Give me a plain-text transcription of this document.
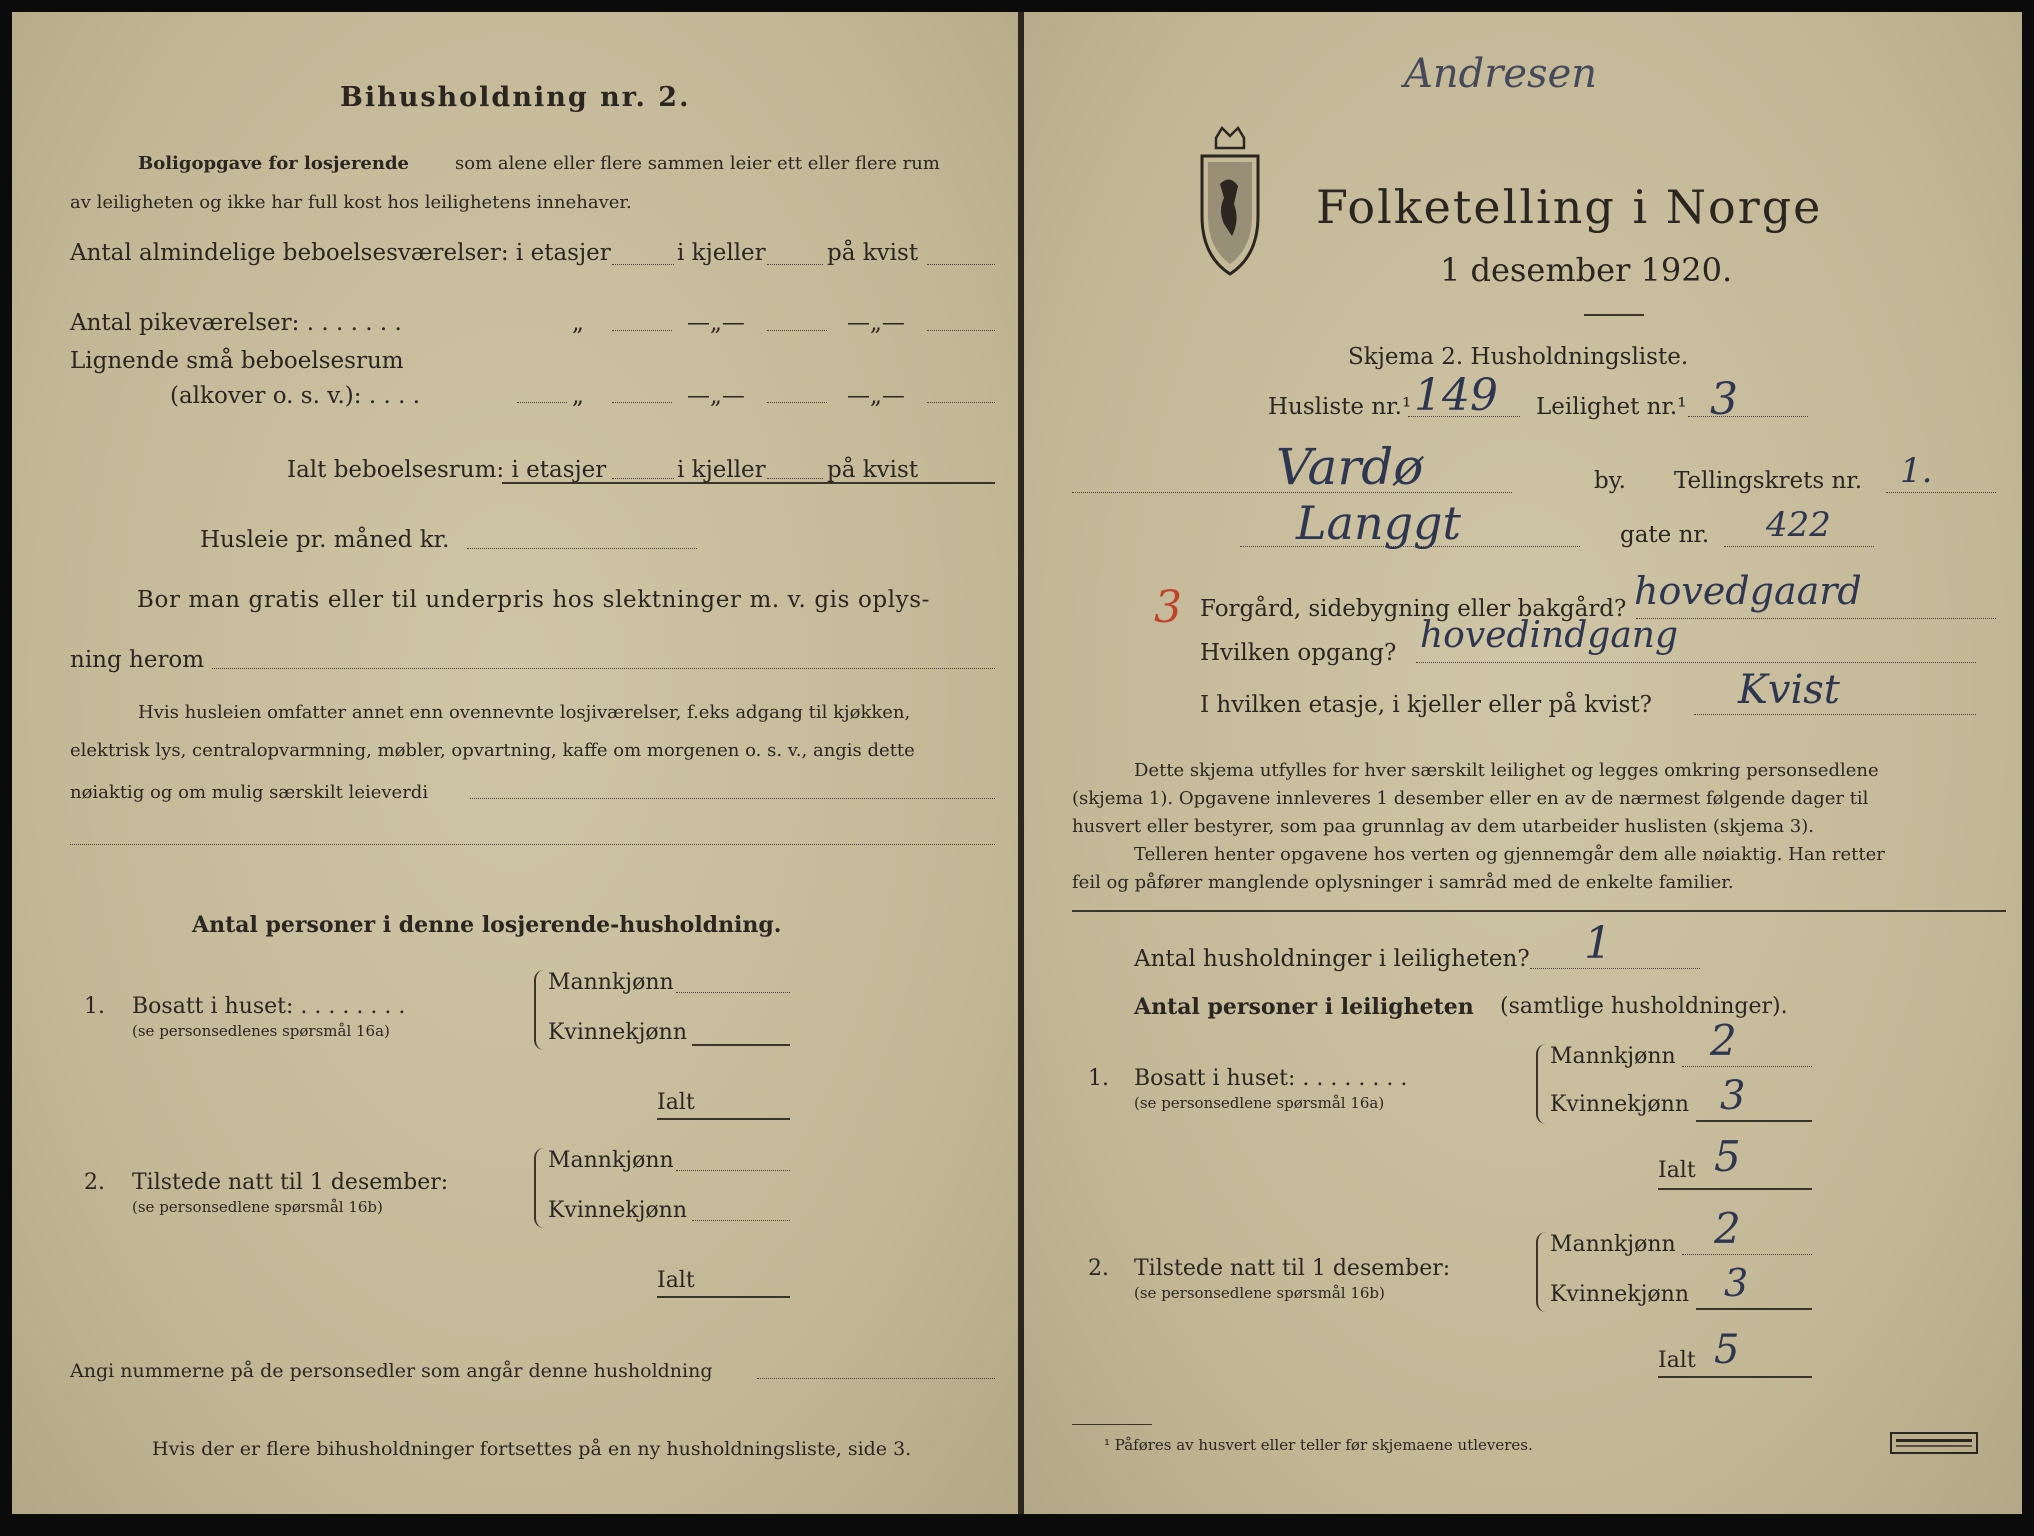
Bihusholdning nr. 2.
Boligopgave for losjerende	som alene eller flere sammen leier ett eller flere rum
av leiligheten og ikke har full kost hos leilighetens innehaver.
Antal almindelige beboelsesværelser: i etasjer	i kjeller	på kvist
Antal pikeværelser: . . . . . . .	„	—„—	—„—
Lignende små beboelsesrum
(alkover o. s. v.): . . . .	„	—„—	—„—
Ialt beboelsesrum: i etasjer	i kjeller	på kvist
Husleie pr. måned kr.
Bor man gratis eller til underpris hos slektninger m. v. gis oplys-
ning herom
Hvis husleien omfatter annet enn ovennevnte losjiværelser, f.eks adgang til kjøkken,
elektrisk lys, centralopvarmning, møbler, opvartning, kaffe om morgenen o. s. v., angis dette
nøiaktig og om mulig særskilt leieverdi
Antal personer i denne losjerende-husholdning.
1. Bosatt i huset: . . . . . . . .
(se personsedlenes spørsmål 16a)
Mannkjønn
Kvinnekjønn
Ialt
2. Tilstede natt til 1 desember:
(se personsedlene spørsmål 16b)
Mannkjønn
Kvinnekjønn
Ialt
Angi nummerne på de personsedler som angår denne husholdning
Hvis der er flere bihusholdninger fortsettes på en ny husholdningsliste, side 3.
Andresen
Folketelling i Norge
1 desember 1920.
Skjema 2. Husholdningsliste.
Husliste nr.¹ 149 Leilighet nr.¹ 3
Vardø	by. Tellingskrets nr. 1.
Langgt	gate nr. 422
3 Forgård, sidebygning eller bakgård? hovedgaard
Hvilken opgang? hovedindgang
I hvilken etasje, i kjeller eller på kvist? Kvist
Dette skjema utfylles for hver særskilt leilighet og legges omkring personsedlene
(skjema 1). Opgavene innleveres 1 desember eller en av de nærmest følgende dager til
husvert eller bestyrer, som paa grunnlag av dem utarbeider huslisten (skjema 3).
Telleren henter opgavene hos verten og gjennemgår dem alle nøiaktig. Han retter
feil og påfører manglende oplysninger i samråd med de enkelte familier.
Antal husholdninger i leiligheten? 1
Antal personer i leiligheten (samtlige husholdninger).
1. Bosatt i huset: . . . . . . . .
(se personsedlene spørsmål 16a)
Mannkjønn 2
Kvinnekjønn 3
Ialt 5
2. Tilstede natt til 1 desember:
(se personsedlene spørsmål 16b)
Mannkjønn 2
Kvinnekjønn 3
Ialt 5
¹ Påføres av husvert eller teller før skjemaene utleveres.
